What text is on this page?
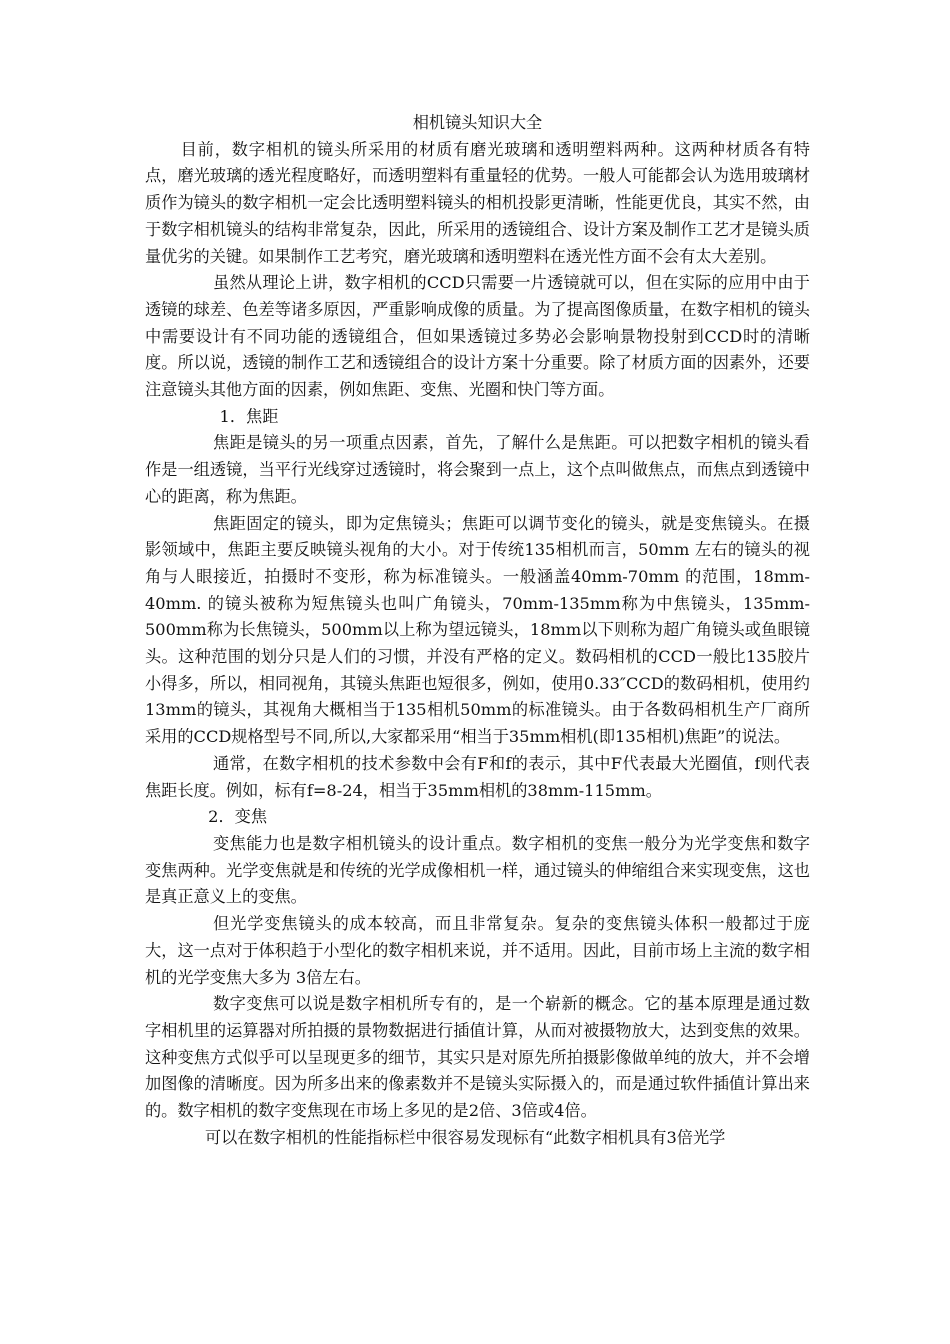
相机镜头知识大全

目前，数字相机的镜头所采用的材质有磨光玻璃和透明塑料两种。这两种材质各有特点，磨光玻璃的透光程度略好，而透明塑料有重量轻的优势。一般人可能都会认为选用玻璃材质作为镜头的数字相机一定会比透明塑料镜头的相机投影更清晰，性能更优良，其实不然，由于数字相机镜头的结构非常复杂，因此，所采用的透镜组合、设计方案及制作工艺才是镜头质量优劣的关键。如果制作工艺考究，磨光玻璃和透明塑料在透光性方面不会有太大差别。

虽然从理论上讲，数字相机的CCD只需要一片透镜就可以，但在实际的应用中由于透镜的球差、色差等诸多原因，严重影响成像的质量。为了提高图像质量，在数字相机的镜头中需要设计有不同功能的透镜组合，但如果透镜过多势必会影响景物投射到CCD时的清晰度。所以说，透镜的制作工艺和透镜组合的设计方案十分重要。除了材质方面的因素外，还要注意镜头其他方面的因素，例如焦距、变焦、光圈和快门等方面。

1．焦距

焦距是镜头的另一项重点因素，首先，了解什么是焦距。可以把数字相机的镜头看作是一组透镜，当平行光线穿过透镜时，将会聚到一点上，这个点叫做焦点，而焦点到透镜中心的距离，称为焦距。

焦距固定的镜头，即为定焦镜头；焦距可以调节变化的镜头，就是变焦镜头。在摄影领域中，焦距主要反映镜头视角的大小。对于传统135相机而言，50mm 左右的镜头的视角与人眼接近，拍摄时不变形，称为标准镜头。一般涵盖40mm-70mm 的范围，18mm-40mm. 的镜头被称为短焦镜头也叫广角镜头，70mm-135mm称为中焦镜头，135mm-500mm称为长焦镜头，500mm以上称为望远镜头，18mm以下则称为超广角镜头或鱼眼镜头。这种范围的划分只是人们的习惯，并没有严格的定义。数码相机的CCD一般比135胶片小得多，所以，相同视角，其镜头焦距也短很多，例如，使用0.33″CCD的数码相机，使用约13mm的镜头，其视角大概相当于135相机50mm的标准镜头。由于各数码相机生产厂商所采用的CCD规格型号不同,所以,大家都采用“相当于35mm相机(即135相机)焦距”的说法。

通常，在数字相机的技术参数中会有F和f的表示，其中F代表最大光圈值，f则代表焦距长度。例如，标有f=8-24，相当于35mm相机的38mm-115mm。

2．变焦

变焦能力也是数字相机镜头的设计重点。数字相机的变焦一般分为光学变焦和数字变焦两种。光学变焦就是和传统的光学成像相机一样，通过镜头的伸缩组合来实现变焦，这也是真正意义上的变焦。

但光学变焦镜头的成本较高，而且非常复杂。复杂的变焦镜头体积一般都过于庞大，这一点对于体积趋于小型化的数字相机来说，并不适用。因此，目前市场上主流的数字相机的光学变焦大多为 3倍左右。

数字变焦可以说是数字相机所专有的，是一个崭新的概念。它的基本原理是通过数字相机里的运算器对所拍摄的景物数据进行插值计算，从而对被摄物放大，达到变焦的效果。这种变焦方式似乎可以呈现更多的细节，其实只是对原先所拍摄影像做单纯的放大，并不会增加图像的清晰度。因为所多出来的像素数并不是镜头实际摄入的，而是通过软件插值计算出来的。数字相机的数字变焦现在市场上多见的是2倍、3倍或4倍。

可以在数字相机的性能指标栏中很容易发现标有“此数字相机具有3倍光学
